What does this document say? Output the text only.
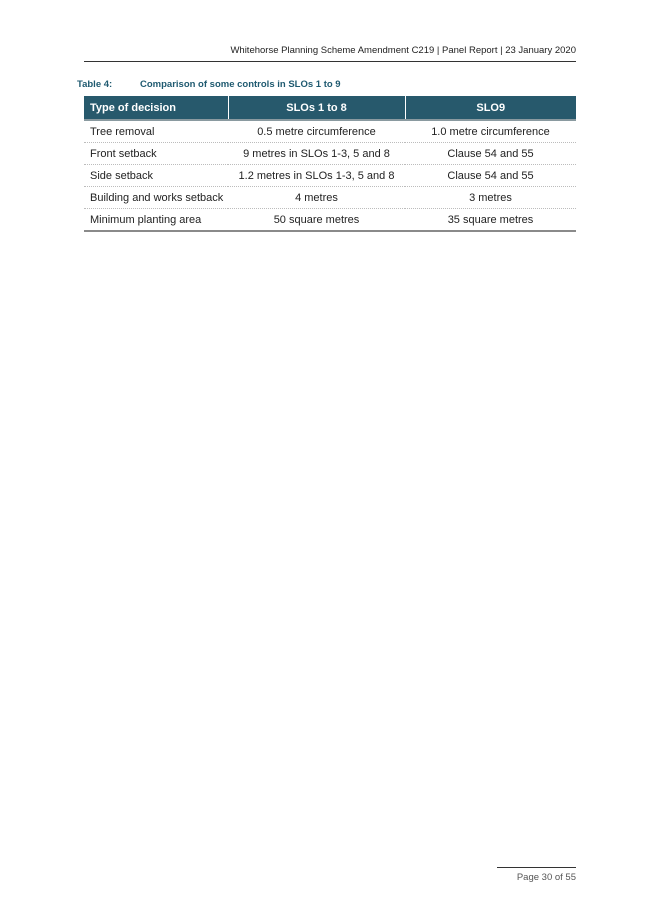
Whitehorse Planning Scheme Amendment C219 | Panel Report | 23 January 2020
Table 4:	Comparison of some controls in SLOs 1 to 9
Type of decision	SLOs 1 to 8	SLO9
Tree removal	0.5 metre circumference	1.0 metre circumference
Front setback	9 metres in SLOs 1-3, 5 and 8	Clause 54 and 55
Side setback	1.2 metres in SLOs 1-3, 5 and 8	Clause 54 and 55
Building and works setback	4 metres	3 metres
Minimum planting area	50 square metres	35 square metres
Page 30 of 55
